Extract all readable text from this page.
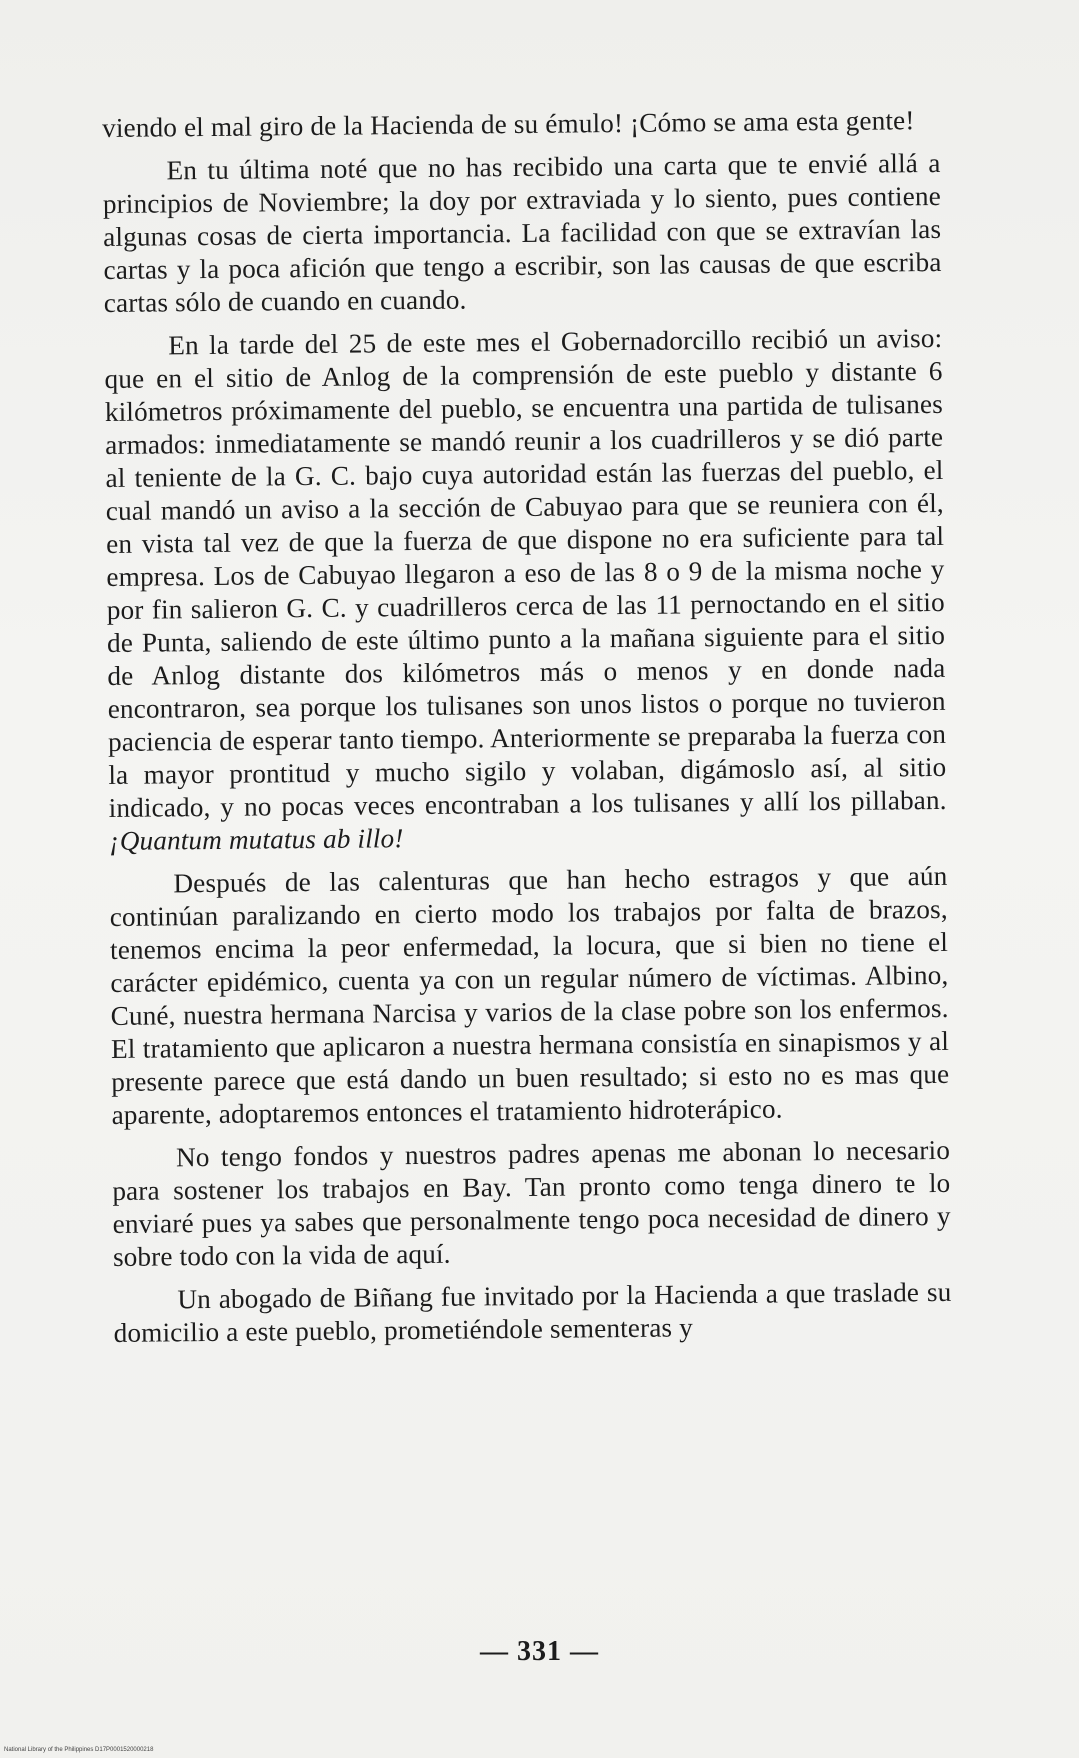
viendo el mal giro de la Hacienda de su émulo! ¡Cómo se ama esta gente!

En tu última noté que no has recibido una carta que te envié allá a principios de Noviembre; la doy por extraviada y lo siento, pues contiene algunas cosas de cierta importancia. La facilidad con que se extravían las cartas y la poca afición que tengo a escribir, son las causas de que escriba cartas sólo de cuando en cuando.

En la tarde del 25 de este mes el Gobernadorcillo recibió un aviso: que en el sitio de Anlog de la comprensión de este pueblo y distante 6 kilómetros próximamente del pueblo, se encuentra una partida de tulisanes armados: inmediatamente se mandó reunir a los cuadrilleros y se dió parte al teniente de la G. C. bajo cuya autoridad están las fuerzas del pueblo, el cual mandó un aviso a la sección de Cabuyao para que se reuniera con él, en vista tal vez de que la fuerza de que dispone no era suficiente para tal empresa. Los de Cabuyao llegaron a eso de las 8 o 9 de la misma noche y por fin salieron G. C. y cuadrilleros cerca de las 11 pernoctando en el sitio de Punta, saliendo de este último punto a la mañana siguiente para el sitio de Anlog distante dos kilómetros más o menos y en donde nada encontraron, sea porque los tulisanes son unos listos o porque no tuvieron paciencia de esperar tanto tiempo. Anteriormente se preparaba la fuerza con la mayor prontitud y mucho sigilo y volaban, digámoslo así, al sitio indicado, y no pocas veces encontraban a los tulisanes y allí los pillaban. ¡Quantum mutatus ab illo!

Después de las calenturas que han hecho estragos y que aún continúan paralizando en cierto modo los trabajos por falta de brazos, tenemos encima la peor enfermedad, la locura, que si bien no tiene el carácter epidémico, cuenta ya con un regular número de víctimas. Albino, Cuné, nuestra hermana Narcisa y varios de la clase pobre son los enfermos. El tratamiento que aplicaron a nuestra hermana consistía en sinapismos y al presente parece que está dando un buen resultado; si esto no es mas que aparente, adoptaremos entonces el tratamiento hidroterápico.

No tengo fondos y nuestros padres apenas me abonan lo necesario para sostener los trabajos en Bay. Tan pronto como tenga dinero te lo enviaré pues ya sabes que personalmente tengo poca necesidad de dinero y sobre todo con la vida de aquí.

Un abogado de Biñang fue invitado por la Hacienda a que traslade su domicilio a este pueblo, prometiéndole sementeras y

— 331 —
National Library of the Philippines D17P0001520000218
